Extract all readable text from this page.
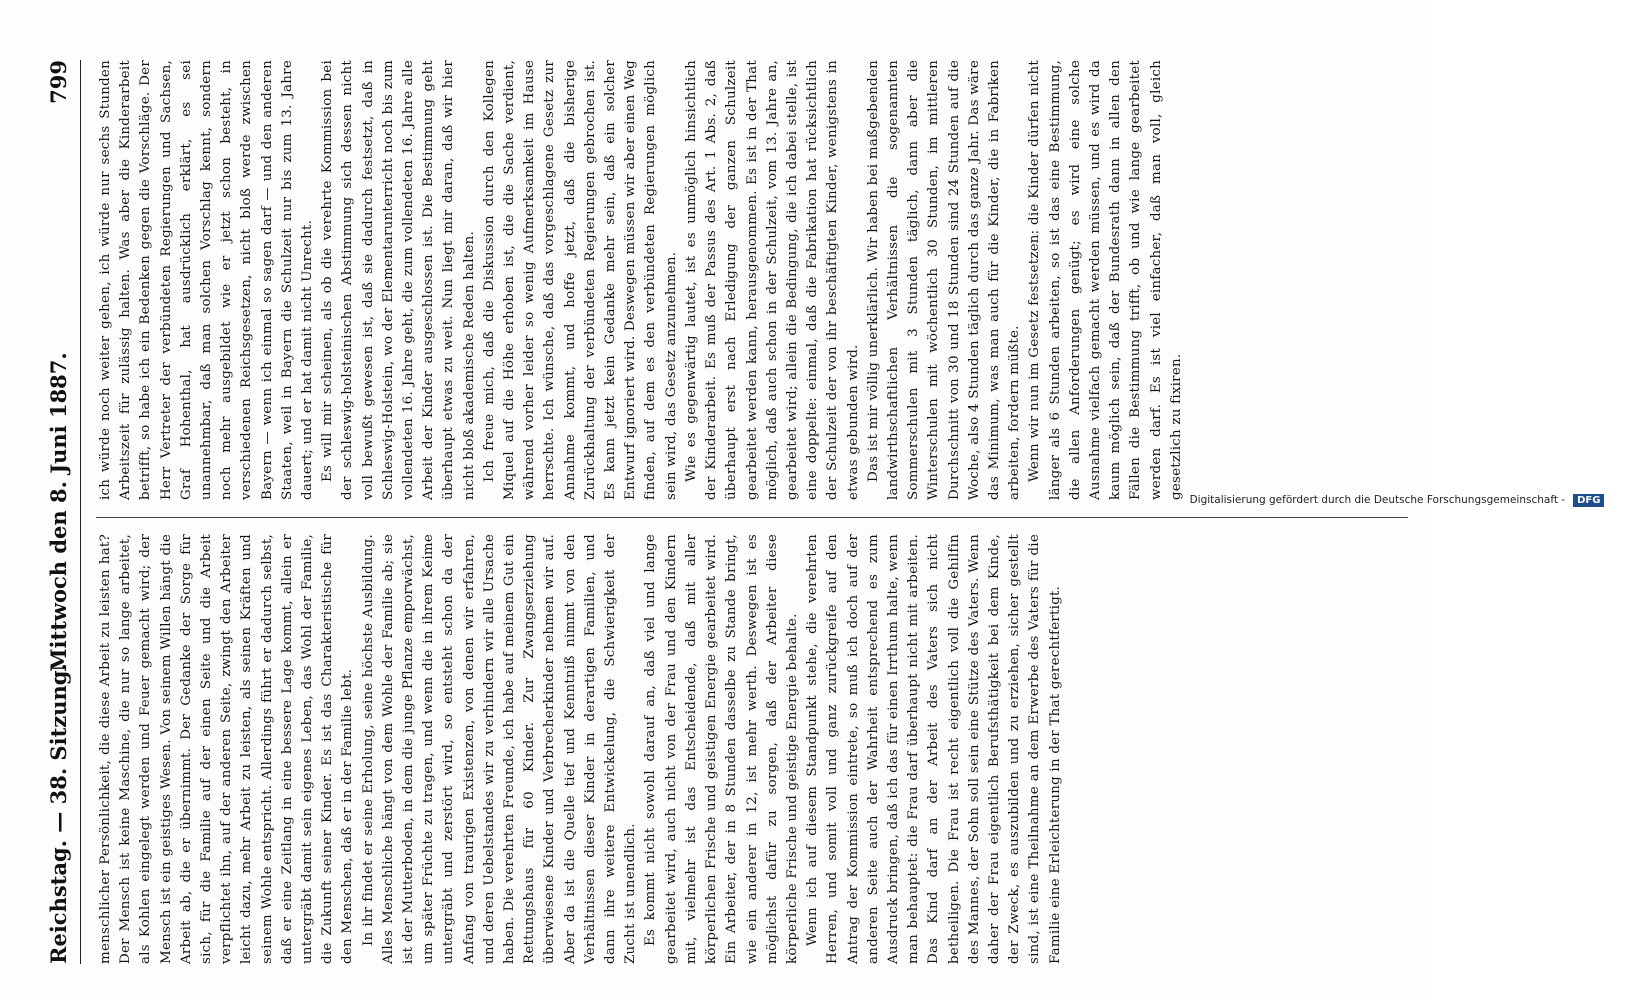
Reichstag. — 38. Sitzung.
Mittwoch den 8. Juni 1887.
799

menschlicher Persönlichkeit, die diese Arbeit zu leisten hat? Der Mensch ist keine Maschine, die nur so lange arbeitet, als Kohlen eingelegt werden und Feuer gemacht wird; der Mensch ist ein geistiges Wesen. Von seinem Willen hängt die Arbeit ab, die er übernimmt. Der Gedanke der Sorge für sich, für die Familie auf der einen Seite und die Arbeit verpflichtet ihn, auf der anderen Seite, zwingt den Arbeiter leicht dazu, mehr Arbeit zu leisten, als seinen Kräften und seinem Wohle entspricht. Allerdings führt er dadurch selbst, daß er eine Zeitlang in eine bessere Lage kommt, allein er untergräbt damit sein eigenes Leben, das Wohl der Familie, die Zukunft seiner Kinder. Es ist das Charakteristische für den Menschen, daß er in der Familie lebt. In ihr findet er seine Erholung, seine höchste Ausbildung. Alles Menschliche hängt von dem Wohle der Familie ab; sie ist der Mutterboden, in dem die junge Pflanze emporwächst, um später Früchte zu tragen, und wenn die in ihrem Keime untergräbt und zerstört wird, so entsteht schon da der Anfang von traurigen Existenzen, von denen wir erfahren, und deren Uebelstandes wir zu verhindern wir alle Ursache haben. Die verehrten Freunde, ich habe auf meinem Gut ein Rettungshaus für 60 Kinder. Zur Zwangserziehung überwiesene Kinder und Verbrecherkinder nehmen wir auf. Aber da ist die Quelle tief und Kenntniß nimmt von den Verhältnissen dieser Kinder in derartigen Familien, und dann ihre weitere Entwickelung, die Schwierigkeit der Zucht ist unendlich. Es kommt nicht sowohl darauf an, daß viel und lange gearbeitet wird, auch nicht von der Frau und den Kindern mit, vielmehr ist das Entscheidende, daß mit aller körperlichen Frische und geistigen Energie gearbeitet wird. Ein Arbeiter, der in 8 Stunden dasselbe zu Stande bringt, wie ein anderer in 12, ist mehr werth. Deswegen ist es möglichst dafür zu sorgen, daß der Arbeiter diese körperliche Frische und geistige Energie behalte. Wenn ich auf diesem Standpunkt stehe, die verehrten Herren, und somit voll und ganz zurückgreife auf den Antrag der Kommission eintrete, so muß ich doch auf der anderen Seite auch der Wahrheit entsprechend es zum Ausdruck bringen, daß ich das für einen Irrthum halte, wenn man behauptet: die Frau darf überhaupt nicht mit arbeiten. Das Kind darf an der Arbeit des Vaters sich nicht betheiligen. Die Frau ist recht eigentlich voll die Gehilfin des Mannes, der Sohn soll sein eine Stütze des Vaters. Wenn daher der Frau eigentlich Berufsthätigkeit bei dem Kinde, der Zweck, es auszubilden und zu erziehen, sicher gestellt sind, ist eine Theilnahme an dem Erwerbe des Vaters für die Familie eine Erleichterung in der That gerechtfertigt.

ich würde noch weiter gehen, ich würde nur sechs Stunden Arbeitszeit für zulässig halten. Was aber die Kinderarbeit betrifft, so habe ich ein Bedenken gegen die Vorschläge. Der Herr Vertreter der verbündeten Regierungen und Sachsen, Graf Hohenthal, hat ausdrücklich erklärt, es sei unannehmbar, daß man solchen Vorschlag kennt, sondern noch mehr ausgebildet wie er jetzt schon besteht, in verschiedenen Reichsgesetzen, nicht bloß werde zwischen Bayern — wenn ich einmal so sagen darf — und den anderen Staaten, weil in Bayern die Schulzeit nur bis zum 13. Jahre dauert; und er hat damit nicht Unrecht. Es will mir scheinen, als ob die verehrte Kommission bei der schleswig-holsteinischen Abstimmung sich dessen nicht voll bewußt gewesen ist, daß sie dadurch festsetzt, daß in Schleswig-Holstein, wo der Elementarunterricht noch bis zum vollendeten 16. Jahre geht, die zum vollendeten 16. Jahre alle Arbeit der Kinder ausgeschlossen ist. Die Bestimmung geht überhaupt etwas zu weit. Nun liegt mir daran, daß wir hier nicht bloß akademische Reden halten. Ich freue mich, daß die Diskussion durch den Kollegen Miquel auf die Höhe erhoben ist, die die Sache verdient, während vorher leider so wenig Aufmerksamkeit im Hause herrschte. Ich wünsche, daß das vorgeschlagene Gesetz zur Annahme kommt, und hoffe jetzt, daß die bisherige Zurückhaltung der verbündeten Regierungen gebrochen ist. Es kann jetzt kein Gedanke mehr sein, daß ein solcher Entwurf ignoriert wird. Deswegen müssen wir aber einen Weg finden, auf dem es den verbündeten Regierungen möglich sein wird, das Gesetz anzunehmen. Wie es gegenwärtig lautet, ist es unmöglich hinsichtlich der Kinderarbeit. Es muß der Passus des Art. 1 Abs. 2, daß überhaupt erst nach Erledigung der ganzen Schulzeit gearbeitet werden kann, herausgenommen. Es ist in der That möglich, daß auch schon in der Schulzeit, vom 13. Jahre an, gearbeitet wird; allein die Bedingung, die ich dabei stelle, ist eine doppelte: einmal, daß die Fabrikation hat rücksichtlich der Schulzeit der von ihr beschäftigten Kinder, wenigstens in etwas gebunden wird. Das ist mir völlig unerklärlich. Wir haben bei maßgebenden landwirthschaftlichen Verhältnissen die sogenannten Sommerschulen mit 3 Stunden täglich, dann aber die Winterschulen mit wöchentlich 30 Stunden, im mittleren Durchschnitt von 30 und 18 Stunden sind 24 Stunden auf die Woche, also 4 Stunden täglich durch das ganze Jahr. Das wäre das Minimum, was man auch für die Kinder, die in Fabriken arbeiten, fordern müßte. Wenn wir nun im Gesetz festsetzen: die Kinder dürfen nicht länger als 6 Stunden arbeiten, so ist das eine Bestimmung, die allen Anforderungen genügt; es wird eine solche Ausnahme vielfach gemacht werden müssen, und es wird da kaum möglich sein, daß der Bundesrath dann in allen den Fällen die Bestimmung trifft, ob und wie lange gearbeitet werden darf. Es ist viel einfacher, daß man voll, gleich gesetzlich zu fixiren. Digitalisierung gefördert durch die Deutsche Forschungsgemeinschaft -	DFG
